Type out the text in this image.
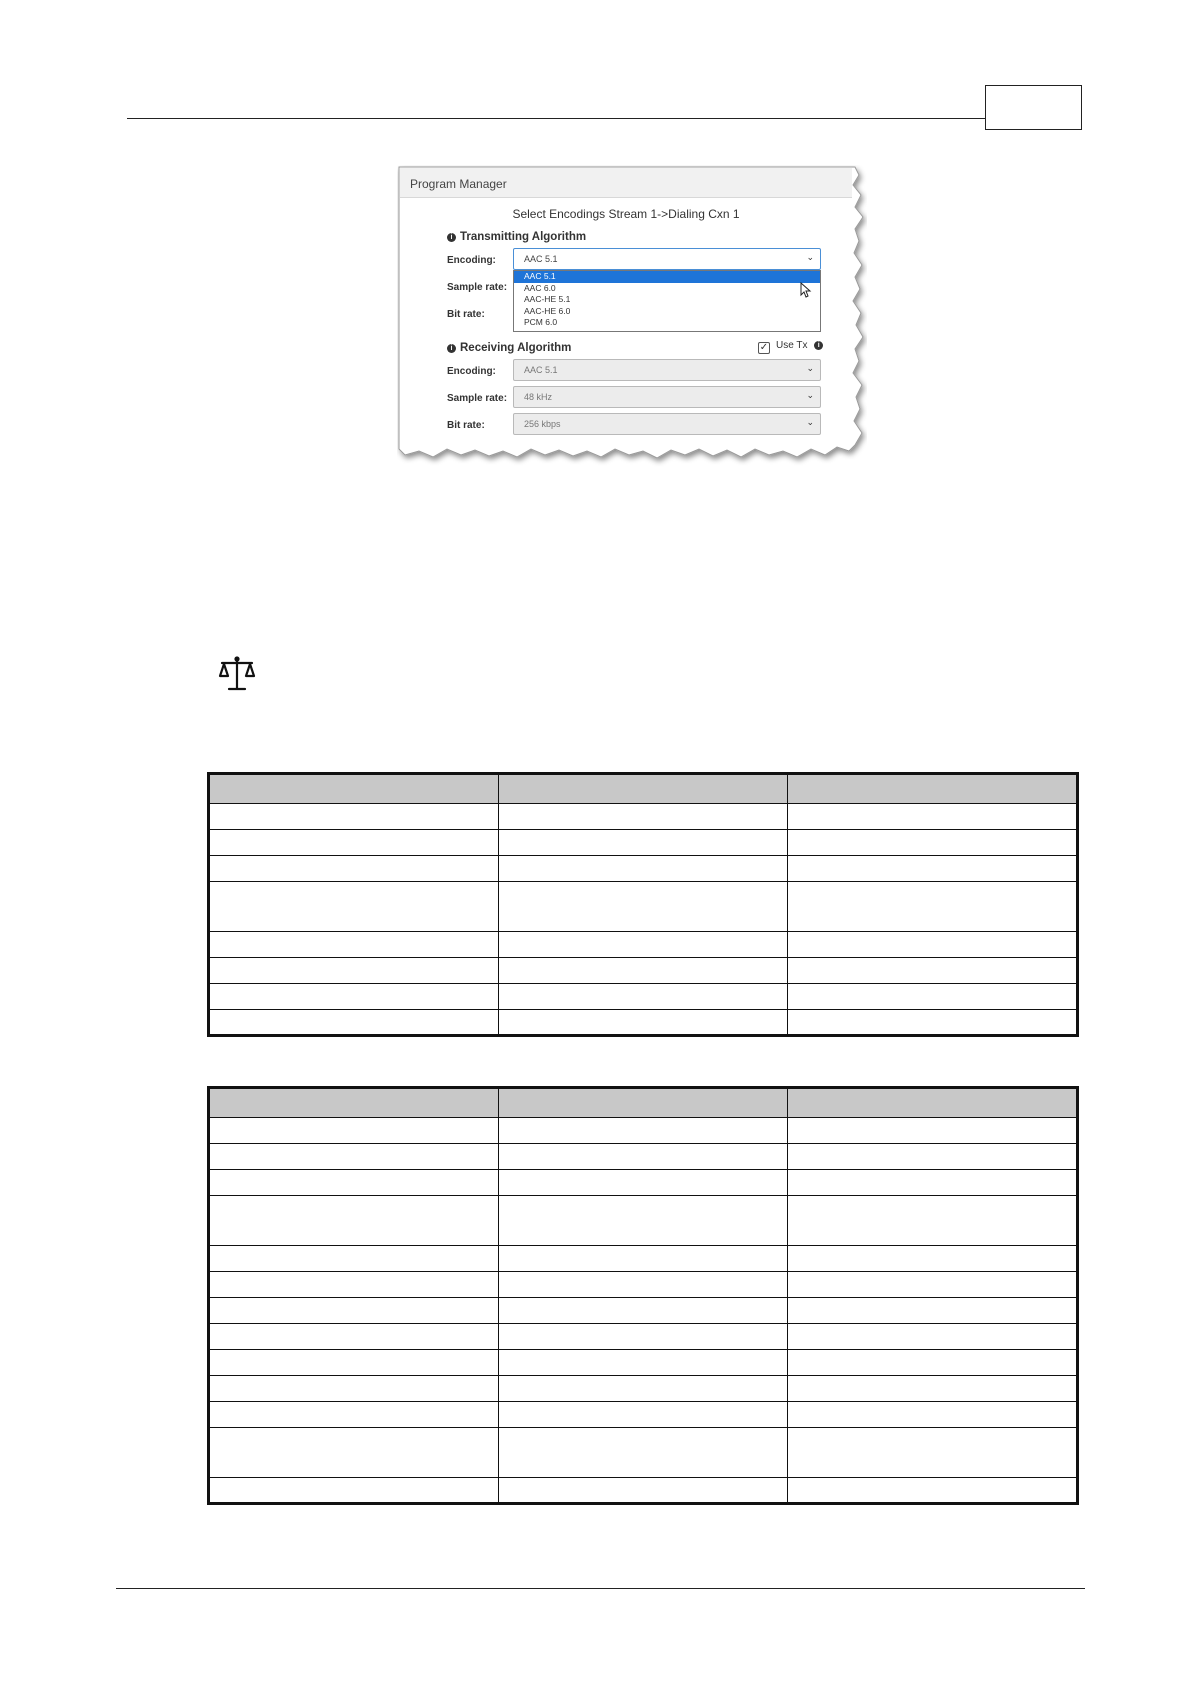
Program Manager
Select Encodings Stream 1->Dialing Cxn 1
i Transmitting Algorithm
Encoding:	AAC 5.1	⌄
Sample rate:
Bit rate:
AAC 5.1
AAC 6.0
AAC-HE 5.1
AAC-HE 6.0
PCM 6.0
i Receiving Algorithm	✓ Use Tx i
Encoding:	AAC 5.1	⌄
Sample rate:	48 kHz	⌄
Bit rate:	256 kbps	⌄
